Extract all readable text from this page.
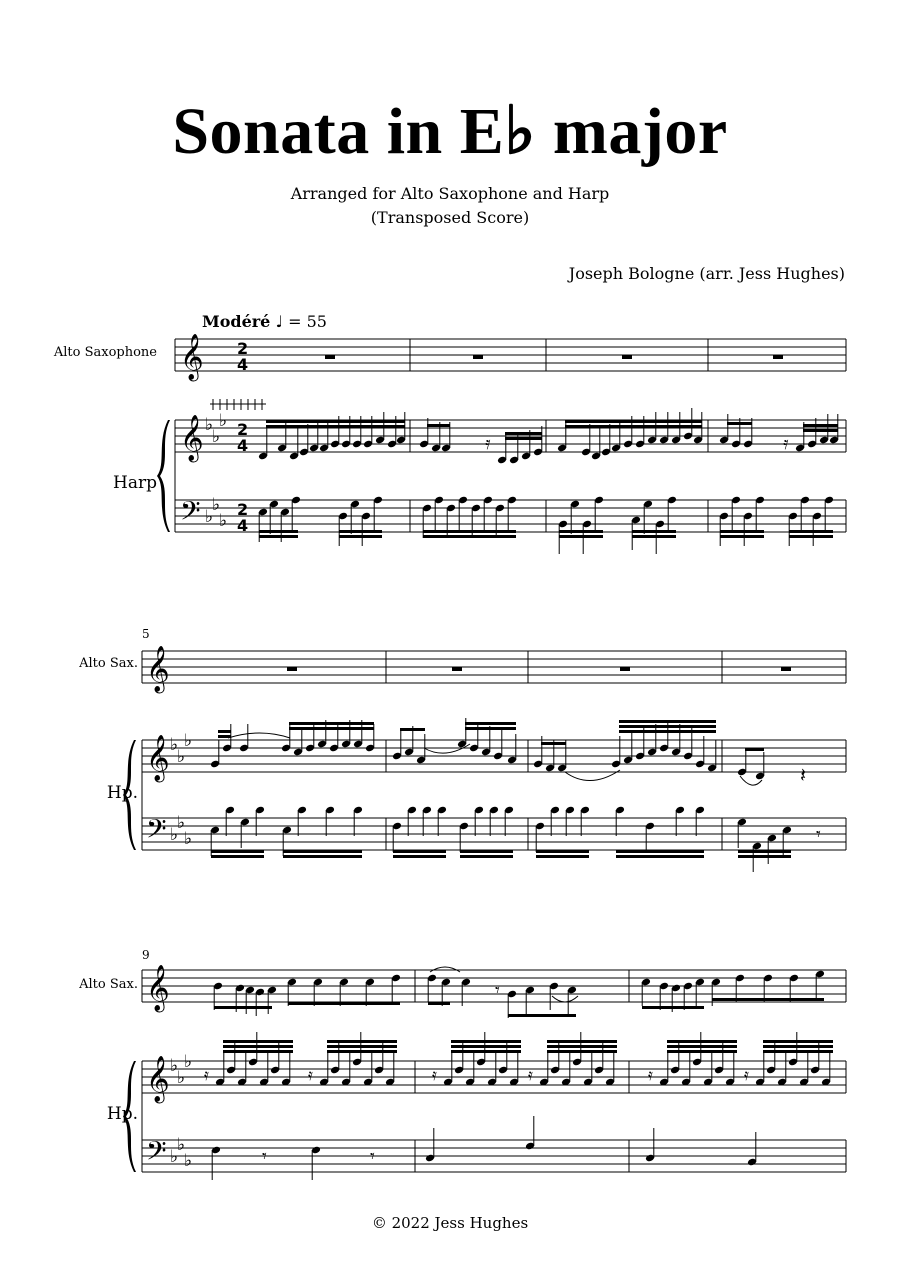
Sonata in E♭ major
Arranged for Alto Saxophone and Harp
(Transposed Score)
Joseph Bologne (arr. Jess Hughes)
Modéré ♩ = 55
Alto Saxophone
Harp
5
Alto Sax.
Hp.
9
Alto Sax.
Hp.
© 2022 Jess Hughes
𝄞 2
4
𝄞 ♭
♭
♭ 2
4
𝄢 ♭
♭
♭
2
4
𝄿
𝄿
𝄞
𝄞 ♭
♭
♭
𝄢 ♭
♭
♭
𝄽
𝄾
𝄞
𝄞 ♭
♭
♭
𝄢 ♭
♭
♭
𝄾
𝄿	𝄿	𝄿	𝄿	𝄿	𝄿
𝄾	𝄾
